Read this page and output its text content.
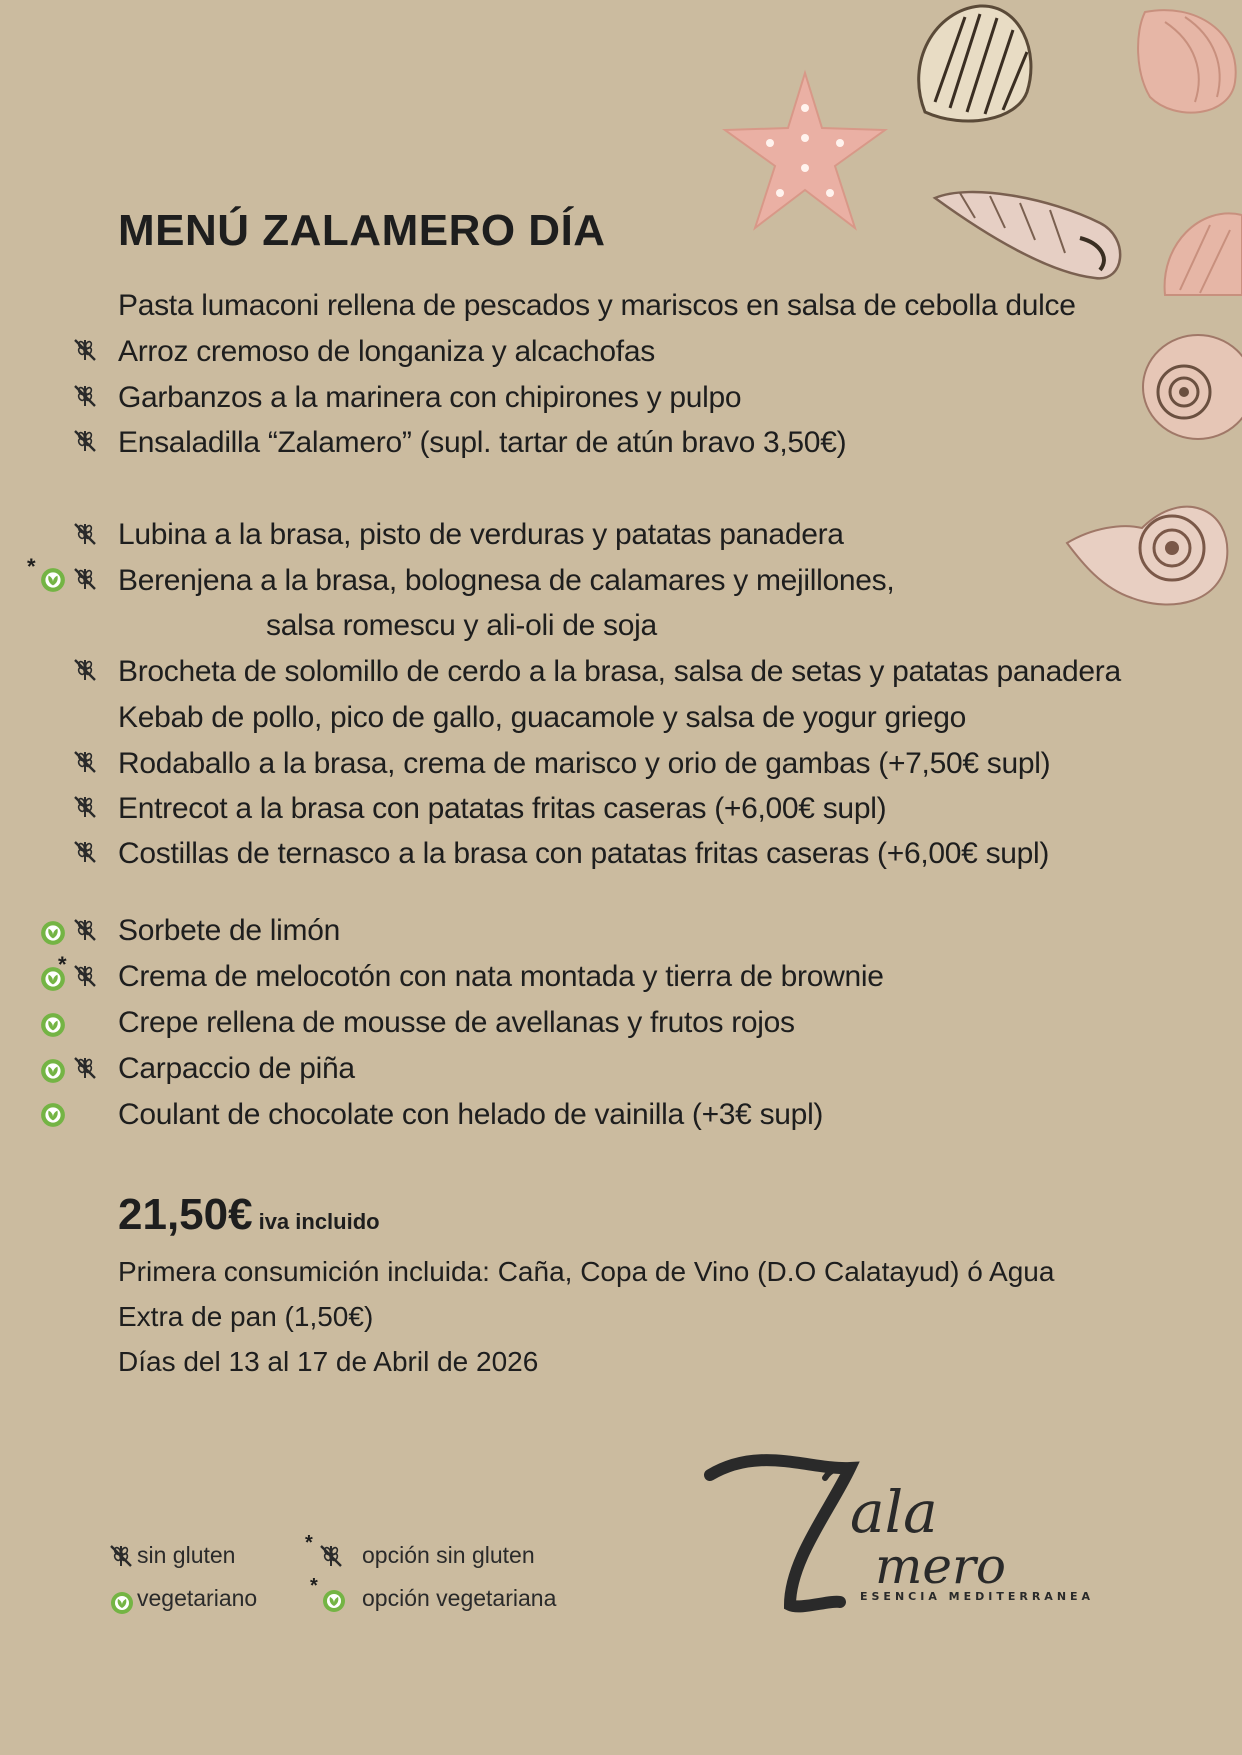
MENÚ ZALAMERO DÍA
Pasta lumaconi rellena de pescados y mariscos en salsa de cebolla dulce
Arroz cremoso de longaniza y alcachofas
Garbanzos a la marinera con chipirones y pulpo
Ensaladilla “Zalamero” (supl. tartar de atún bravo 3,50€)
Lubina a la brasa, pisto de verduras y patatas panadera
*	Berenjena a la brasa, bolognesa de calamares y mejillones,
salsa romescu y ali-oli de soja
Brocheta de solomillo de cerdo a la brasa, salsa de setas y patatas panadera
Kebab de pollo, pico de gallo, guacamole y salsa de yogur griego
Rodaballo a la brasa, crema de marisco y orio de gambas (+7,50€ supl)
Entrecot a la brasa con patatas fritas caseras (+6,00€ supl)
Costillas de ternasco a la brasa con patatas fritas caseras (+6,00€ supl)
Sorbete de limón
* Crema de melocotón con nata montada y tierra de brownie
Crepe rellena de mousse de avellanas y frutos rojos
Carpaccio de piña
Coulant de chocolate con helado de vainilla (+3€ supl)
21,50€ iva incluido
Primera consumición incluida: Caña, Copa de Vino (D.O Calatayud) ó Agua
Extra de pan (1,50€)
Días del 13 al 17 de Abril de 2026
sin gluten	* opción sin gluten
vegetariano	* opción vegetariana
ala
mero
ESENCIA MEDITERRANEA
